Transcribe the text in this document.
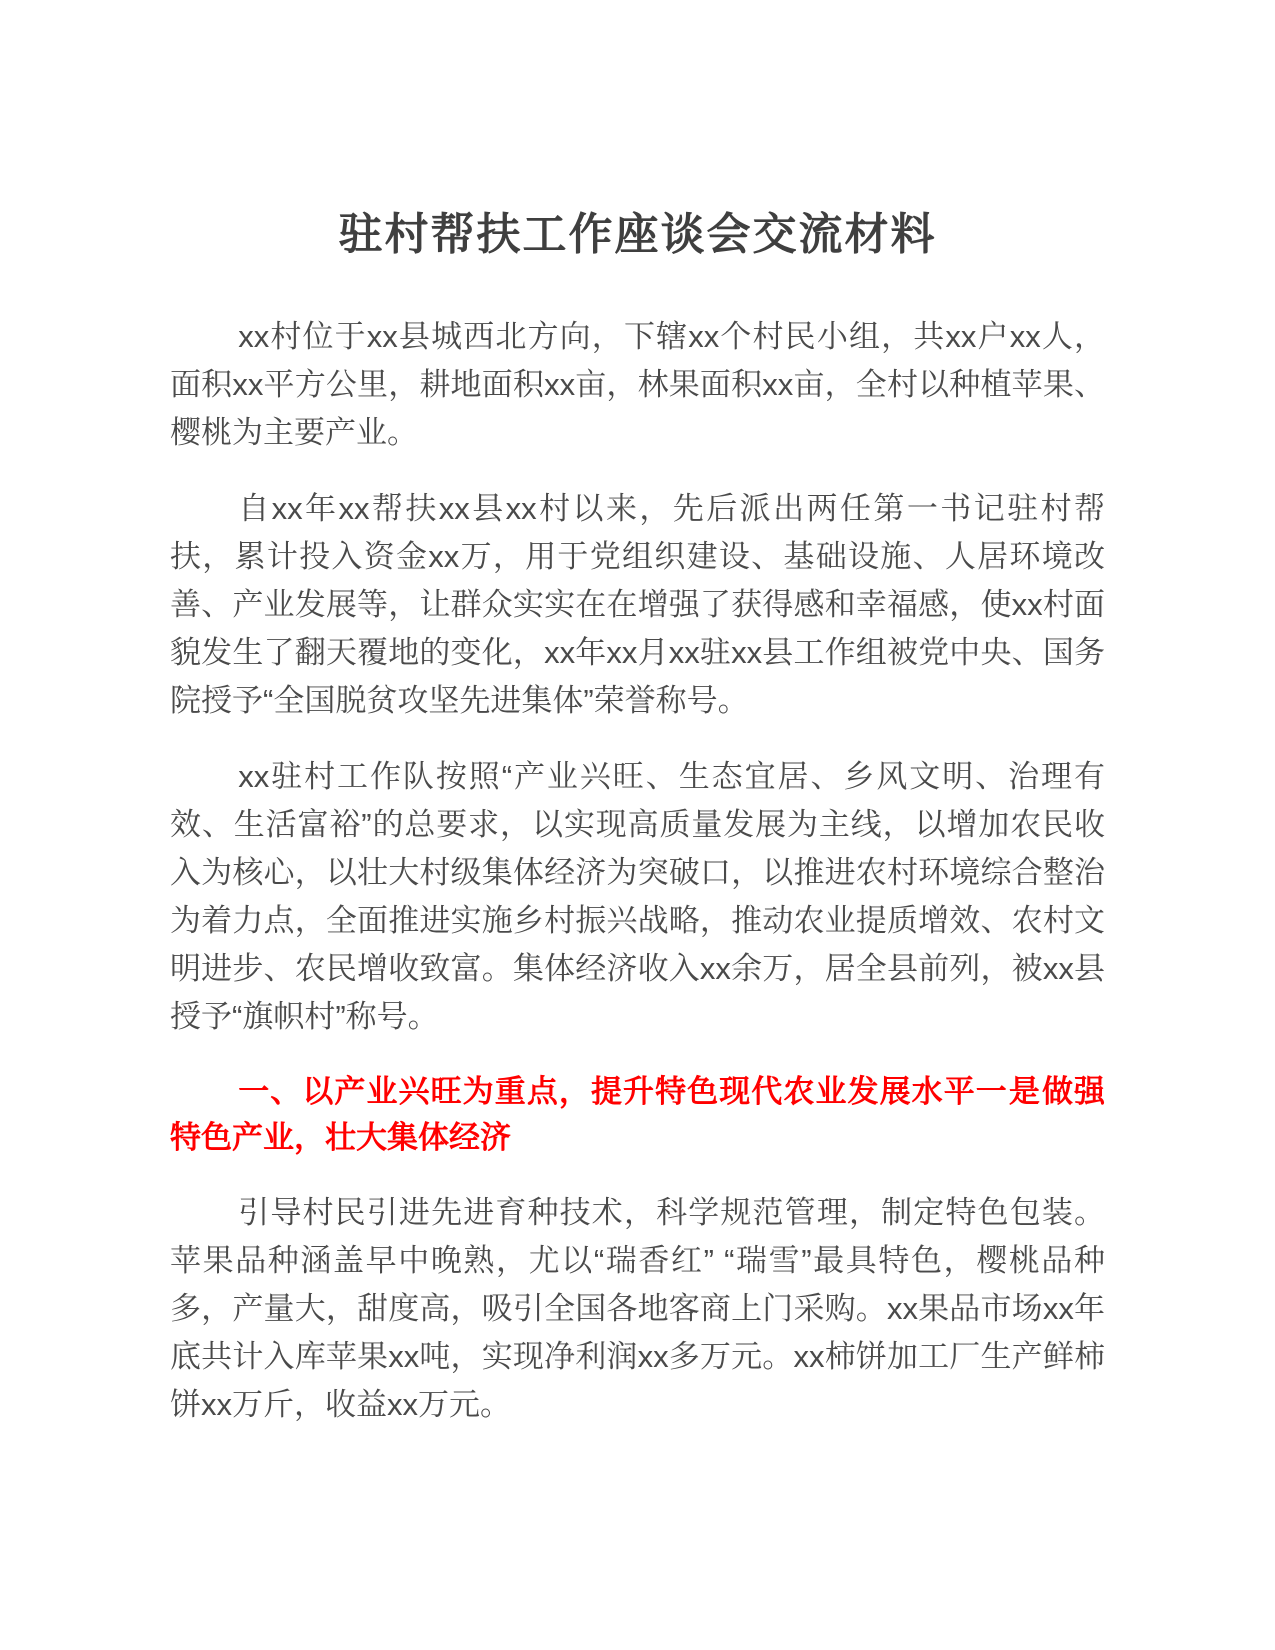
驻村帮扶工作座谈会交流材料

xx村位于xx县城西北方向，下辖xx个村民小组，共xx户xx人，面积xx平方公里，耕地面积xx亩，林果面积xx亩，全村以种植苹果、樱桃为主要产业。

自xx年xx帮扶xx县xx村以来，先后派出两任第一书记驻村帮扶，累计投入资金xx万，用于党组织建设、基础设施、人居环境改善、产业发展等，让群众实实在在增强了获得感和幸福感，使xx村面貌发生了翻天覆地的变化，xx年xx月xx驻xx县工作组被党中央、国务院授予“全国脱贫攻坚先进集体”荣誉称号。

xx驻村工作队按照“产业兴旺、生态宜居、乡风文明、治理有效、生活富裕”的总要求，以实现高质量发展为主线，以增加农民收入为核心，以壮大村级集体经济为突破口，以推进农村环境综合整治为着力点，全面推进实施乡村振兴战略，推动农业提质增效、农村文明进步、农民增收致富。集体经济收入xx余万，居全县前列，被xx县授予“旗帜村”称号。

一、以产业兴旺为重点，提升特色现代农业发展水平一是做强特色产业，壮大集体经济

引导村民引进先进育种技术，科学规范管理，制定特色包装。苹果品种涵盖早中晚熟，尤以“瑞香红” “瑞雪”最具特色，樱桃品种多，产量大，甜度高，吸引全国各地客商上门采购。xx果品市场xx年底共计入库苹果xx吨，实现净利润xx多万元。xx柿饼加工厂生产鲜柿饼xx万斤，收益xx万元。
